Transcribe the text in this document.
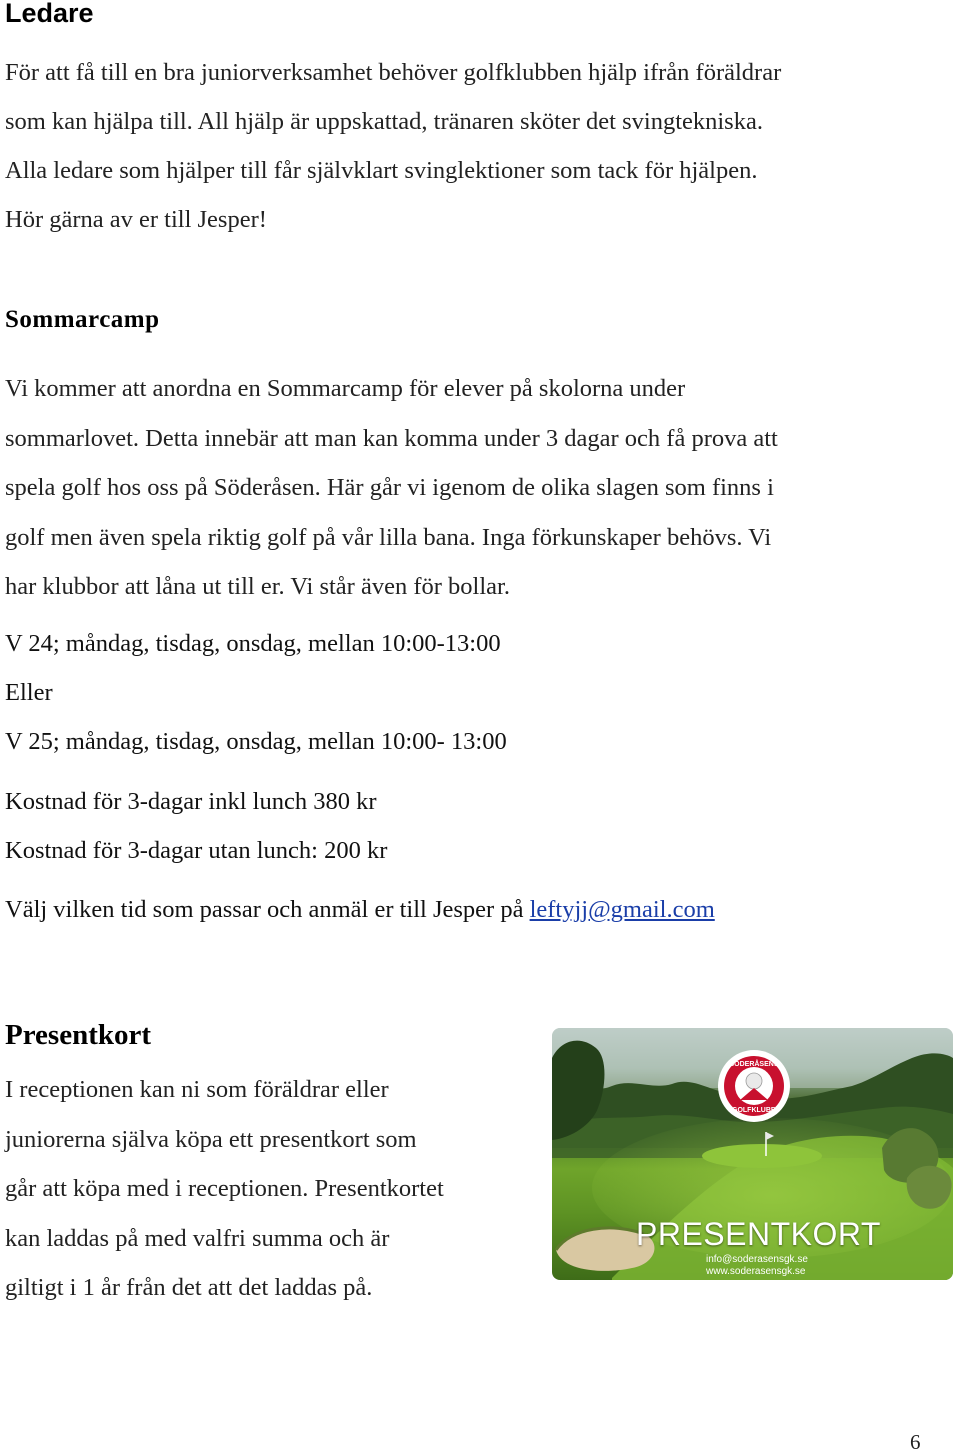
Ledare
För att få till en bra juniorverksamhet behöver golfklubben hjälp ifrån föräldrar
som kan hjälpa till. All hjälp är uppskattad, tränaren sköter det svingtekniska.
Alla ledare som hjälper till får självklart svinglektioner som tack för hjälpen.
Hör gärna av er till Jesper!
Sommarcamp
Vi kommer att anordna en Sommarcamp för elever på skolorna under
sommarlovet. Detta innebär att man kan komma under 3 dagar och få prova att
spela golf hos oss på Söderåsen. Här går vi igenom de olika slagen som finns i
golf men även spela riktig golf på vår lilla bana. Inga förkunskaper behövs. Vi
har klubbor att låna ut till er. Vi står även för bollar.
V 24; måndag, tisdag, onsdag, mellan 10:00-13:00
Eller
V 25; måndag, tisdag, onsdag, mellan 10:00- 13:00
Kostnad för 3-dagar inkl lunch 380 kr
Kostnad för 3-dagar utan lunch: 200 kr
Välj vilken tid som passar och anmäl er till Jesper på leftyjj@gmail.com
Presentkort
I receptionen kan ni som föräldrar eller
juniorerna själva köpa ett presentkort som
går att köpa med i receptionen. Presentkortet
kan laddas på med valfri summa och är
giltigt i 1 år från det att det laddas på.
SÖDERÅSENS
GOLFKLUBB
PRESENTKORT
info@soderasensgk.se
www.soderasensgk.se
6
